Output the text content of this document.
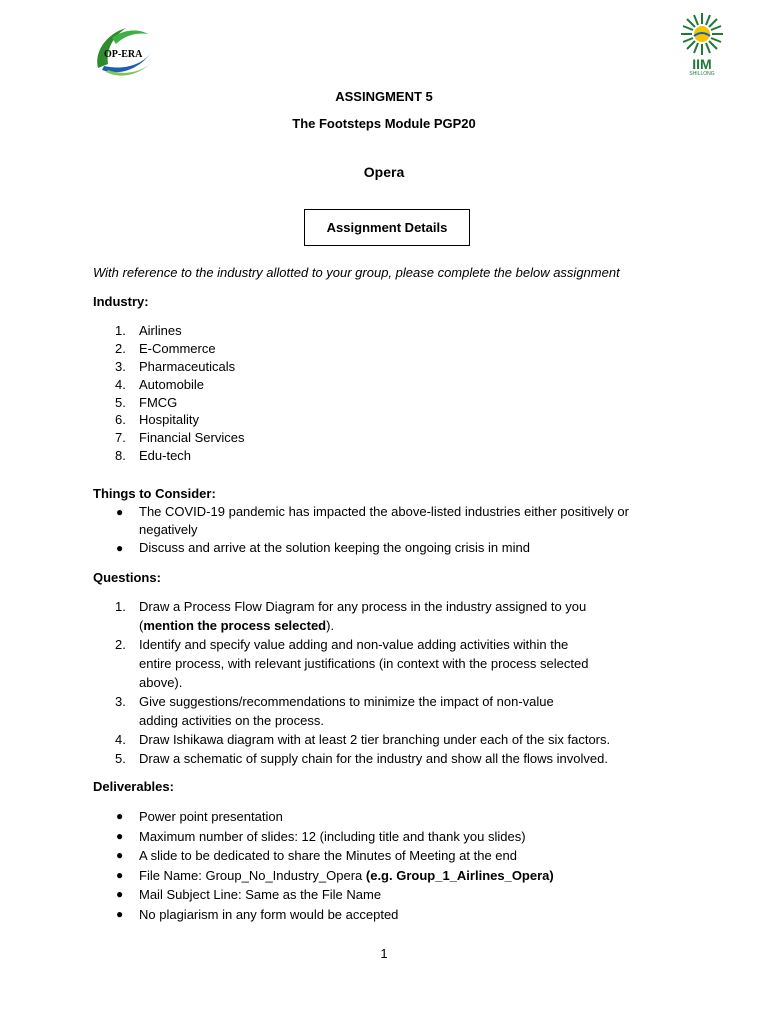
OP-ERA
IIM
SHILLONG
ASSINGMENT 5
The Footsteps Module PGP20
Opera
Assignment Details
With reference to the industry allotted to your group, please complete the below assignment
Industry:
1. Airlines
2. E-Commerce
3. Pharmaceuticals
4. Automobile
5. FMCG
6. Hospitality
7. Financial Services
8. Edu-tech
Things to Consider:
● The COVID-19 pandemic has impacted the above-listed industries either positively or negatively
● Discuss and arrive at the solution keeping the ongoing crisis in mind
Questions:
1. Draw a Process Flow Diagram for any process in the industry assigned to you (mention the process selected).
2. Identify and specify value adding and non-value adding activities within the entire process, with relevant justifications (in context with the process selected above).
3. Give suggestions/recommendations to minimize the impact of non-value adding activities on the process.
4. Draw Ishikawa diagram with at least 2 tier branching under each of the six factors.
5. Draw a schematic of supply chain for the industry and show all the flows involved.
Deliverables:
● Power point presentation
● Maximum number of slides: 12 (including title and thank you slides)
● A slide to be dedicated to share the Minutes of Meeting at the end
● File Name: Group_No_Industry_Opera (e.g. Group_1_Airlines_Opera)
● Mail Subject Line: Same as the File Name
● No plagiarism in any form would be accepted
1
